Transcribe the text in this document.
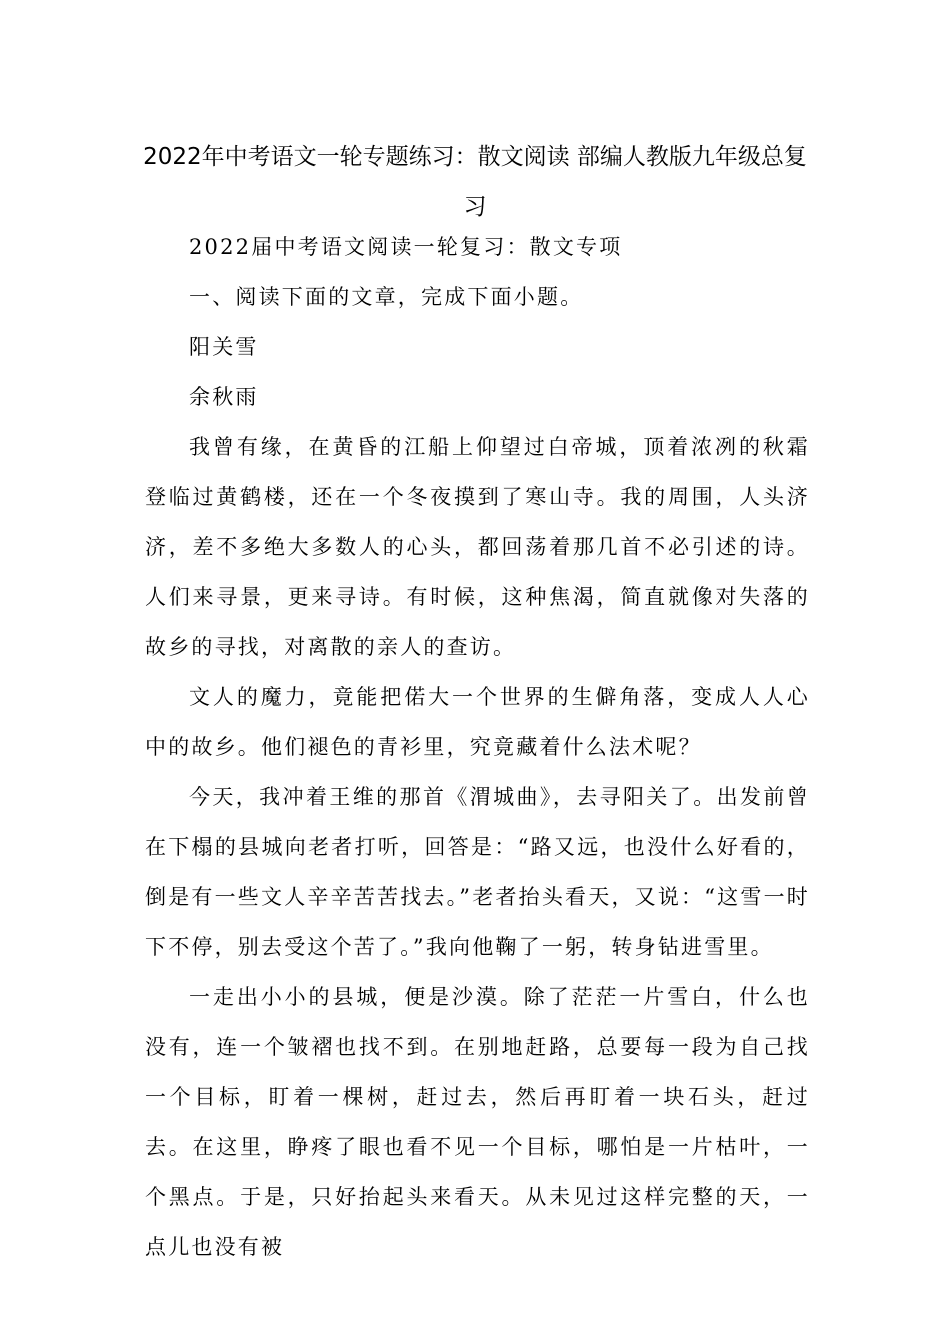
2022年中考语文一轮专题练习：散文阅读 部编人教版九年级总复习

2022届中考语文阅读一轮复习：散文专项

一、阅读下面的文章，完成下面小题。

阳关雪

余秋雨

我曾有缘，在黄昏的江船上仰望过白帝城，顶着浓冽的秋霜登临过黄鹤楼，还在一个冬夜摸到了寒山寺。我的周围，人头济济，差不多绝大多数人的心头，都回荡着那几首不必引述的诗。人们来寻景，更来寻诗。有时候，这种焦渴，简直就像对失落的故乡的寻找，对离散的亲人的查访。

文人的魔力，竟能把偌大一个世界的生僻角落，变成人人心中的故乡。他们褪色的青衫里，究竟藏着什么法术呢？

今天，我冲着王维的那首《渭城曲》，去寻阳关了。出发前曾在下榻的县城向老者打听，回答是：“路又远，也没什么好看的，倒是有一些文人辛辛苦苦找去。”老者抬头看天，又说：“这雪一时下不停，别去受这个苦了。”我向他鞠了一躬，转身钻进雪里。

一走出小小的县城，便是沙漠。除了茫茫一片雪白，什么也没有，连一个皱褶也找不到。在别地赶路，总要每一段为自己找一个目标，盯着一棵树，赶过去，然后再盯着一块石头，赶过去。在这里，睁疼了眼也看不见一个目标，哪怕是一片枯叶，一个黑点。于是，只好抬起头来看天。从未见过这样完整的天，一点儿也没有被
